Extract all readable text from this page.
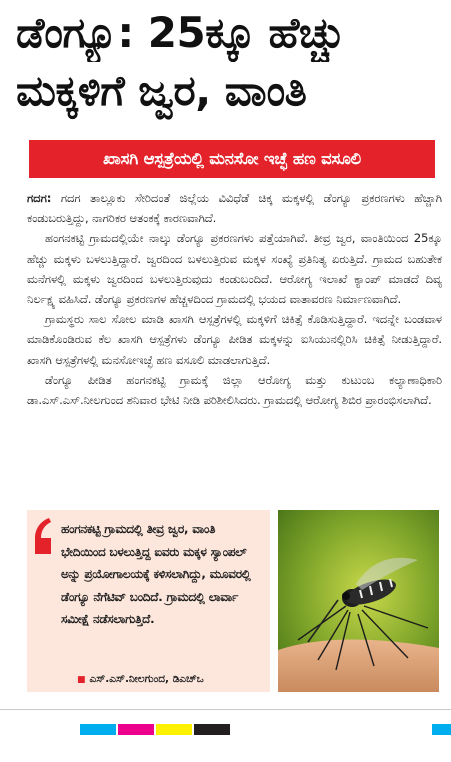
ಡೆಂಗ್ಯೂ: 25ಕ್ಕೂ ಹೆಚ್ಚು
ಮಕ್ಕಳಿಗೆ ಜ್ವರ, ವಾಂತಿ
ಖಾಸಗಿ ಆಸ್ಪತ್ರೆಯಲ್ಲಿ ಮನಸೋ ಇಚ್ಛೆ ಹಣ ವಸೂಲಿ

ಗದಗ: ಗದಗ ತಾಲ್ಲೂಕು ಸೇರಿದಂತೆ ಜಿಲ್ಲೆಯ ವಿವಿಧೆಡೆ ಚಿಕ್ಕ ಮಕ್ಕಳಲ್ಲಿ ಡೆಂಗ್ಯೂ ಪ್ರಕರಣಗಳು ಹೆಚ್ಚಾಗಿ ಕಂಡುಬರುತ್ತಿದ್ದು, ನಾಗರಿಕರ ಆತಂಕಕ್ಕೆ ಕಾರಣವಾಗಿದೆ.

ಹಂಗನಕಟ್ಟಿ ಗ್ರಾಮದಲ್ಲಿಯೇ ನಾಲ್ಕು ಡೆಂಗ್ಯೂ ಪ್ರಕರಣಗಳು ಪತ್ತೆಯಾಗಿವೆ. ತೀವ್ರ ಜ್ವರ, ವಾಂತಿಯಿಂದ 25ಕ್ಕೂ ಹೆಚ್ಚು ಮಕ್ಕಳು ಬಳಲುತ್ತಿದ್ದಾರೆ. ಜ್ವರದಿಂದ ಬಳಲುತ್ತಿರುವ ಮಕ್ಕಳ ಸಂಖ್ಯೆ ಪ್ರತಿನಿತ್ಯ ಏರುತ್ತಿದೆ. ಗ್ರಾಮದ ಬಹುತೇಕ ಮನೆಗಳಲ್ಲಿ ಮಕ್ಕಳು ಜ್ವರದಿಂದ ಬಳಲುತ್ತಿರುವುದು ಕಂಡುಬಂದಿದೆ. ಆರೋಗ್ಯ ಇಲಾಖೆ ಕ್ಯಾಂಪ್ ಮಾಡದೆ ದಿವ್ಯ ನಿರ್ಲಕ್ಷ್ಯ ವಹಿಸಿದೆ. ಡೆಂಗ್ಯೂ ಪ್ರಕರಣಗಳ ಹೆಚ್ಚಳದಿಂದ ಗ್ರಾಮದಲ್ಲಿ ಭಯದ ವಾತಾವರಣ ನಿರ್ಮಾಣವಾಗಿದೆ.

ಗ್ರಾಮಸ್ಥರು ಸಾಲ ಸೋಲ ಮಾಡಿ ಖಾಸಗಿ ಆಸ್ಪತ್ರೆಗಳಲ್ಲಿ ಮಕ್ಕಳಿಗೆ ಚಿಕಿತ್ಸೆ ಕೊಡಿಸುತ್ತಿದ್ದಾರೆ. ಇದನ್ನೇ ಬಂಡವಾಳ ಮಾಡಿಕೊಂಡಿರುವ ಕೆಲ ಖಾಸಗಿ ಆಸ್ಪತ್ರೆಗಳು ಡೆಂಗ್ಯೂ ಪೀಡಿತ ಮಕ್ಕಳನ್ನು ಐಸಿಯುನಲ್ಲಿರಿಸಿ ಚಿಕಿತ್ಸೆ ನೀಡುತ್ತಿದ್ದಾರೆ. ಖಾಸಗಿ ಆಸ್ಪತ್ರೆಗಳಲ್ಲಿ ಮನಸೋಇಚ್ಛೆ ಹಣ ವಸೂಲಿ ಮಾಡಲಾಗುತ್ತಿದೆ.

ಡೆಂಗ್ಯೂ ಪೀಡಿತ ಹಂಗನಕಟ್ಟಿ ಗ್ರಾಮಕ್ಕೆ ಜಿಲ್ಲಾ ಆರೋಗ್ಯ ಮತ್ತು ಕುಟುಂಬ ಕಲ್ಯಾಣಾಧಿಕಾರಿ ಡಾ.ಎಸ್.ಎಸ್.ನೀಲಗುಂದ ಶನಿವಾರ ಭೇಟಿ ನೀಡಿ ಪರಿಶೀಲಿಸಿದರು. ಗ್ರಾಮದಲ್ಲಿ ಆರೋಗ್ಯ ಶಿಬಿರ ಪ್ರಾರಂಭಿಸಲಾಗಿದೆ.

ಹಂಗನಕಟ್ಟಿ ಗ್ರಾಮದಲ್ಲಿ ತೀವ್ರ ಜ್ವರ, ವಾಂತಿ ಭೇದಿಯಿಂದ ಬಳಲುತ್ತಿದ್ದ ಐವರು ಮಕ್ಕಳ ಸ್ಯಾಂಪಲ್ ಅನ್ನು ಪ್ರಯೋಗಾಲಯಕ್ಕೆ ಕಳಿಸಲಾಗಿದ್ದು, ಮೂವರಲ್ಲಿ ಡೆಂಗ್ಯೂ ನೆಗೆಟಿವ್ ಬಂದಿದೆ. ಗ್ರಾಮದಲ್ಲಿ ಲಾರ್ವಾ ಸಮೀಕ್ಷೆ ನಡೆಸಲಾಗುತ್ತಿದೆ.
■ ಎಸ್.ಎಸ್.ನೀಲಗುಂದ, ಡಿಎಚ್‌ಒ
